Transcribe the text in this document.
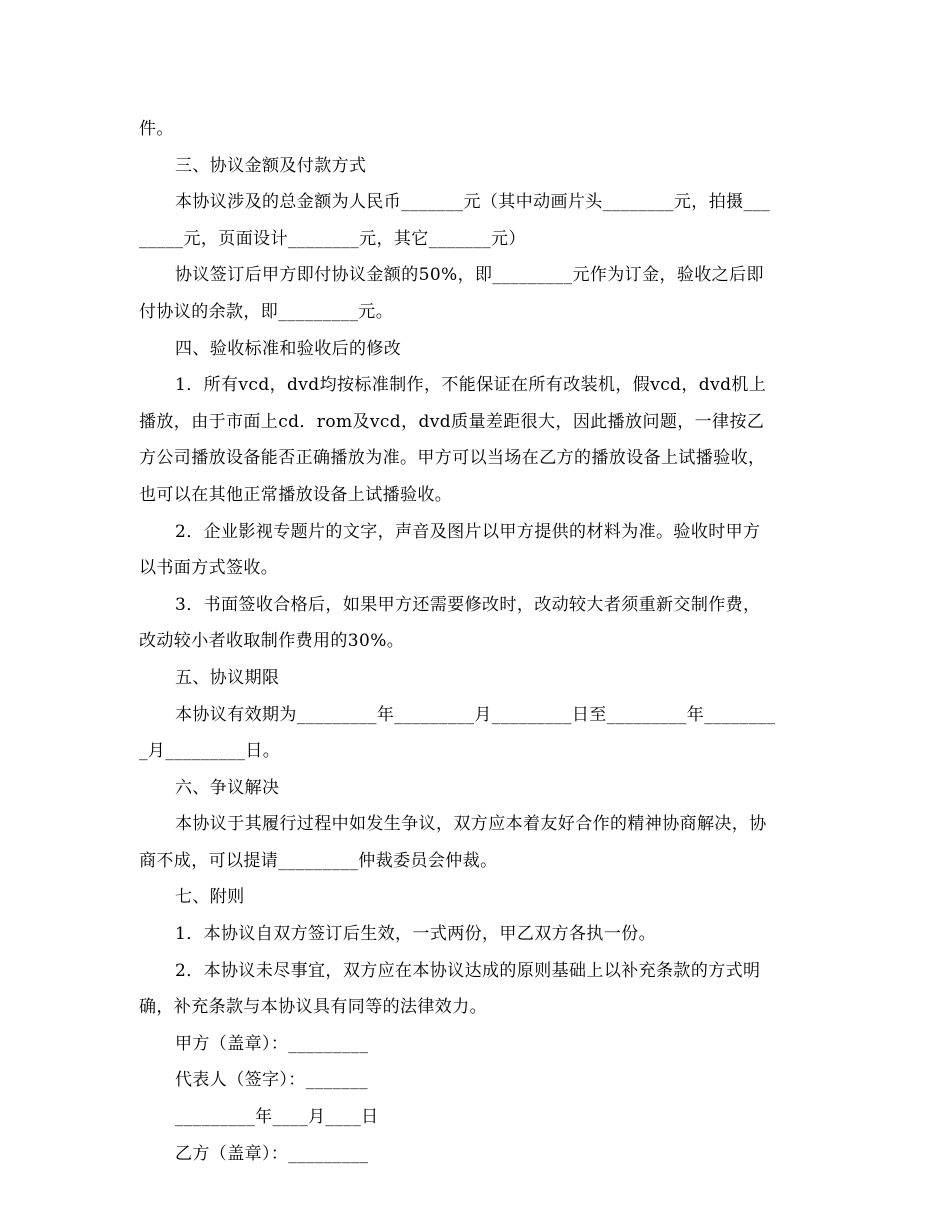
件。
三、协议金额及付款方式
本协议涉及的总金额为人民币_______元（其中动画片头________元，拍摄___
_____元，页面设计________元，其它_______元）
协议签订后甲方即付协议金额的50%，即_________元作为订金，验收之后即
付协议的余款，即_________元。
四、验收标准和验收后的修改
1．所有vcd，dvd均按标准制作，不能保证在所有改装机，假vcd，dvd机上
播放，由于市面上cd．rom及vcd，dvd质量差距很大，因此播放问题，一律按乙
方公司播放设备能否正确播放为准。甲方可以当场在乙方的播放设备上试播验收，
也可以在其他正常播放设备上试播验收。
2．企业影视专题片的文字，声音及图片以甲方提供的材料为准。验收时甲方
以书面方式签收。
3．书面签收合格后，如果甲方还需要修改时，改动较大者须重新交制作费，
改动较小者收取制作费用的30%。
五、协议期限
本协议有效期为_________年_________月_________日至_________年________
_月_________日。
六、争议解决
本协议于其履行过程中如发生争议，双方应本着友好合作的精神协商解决，协
商不成，可以提请_________仲裁委员会仲裁。
七、附则
1．本协议自双方签订后生效，一式两份，甲乙双方各执一份。
2．本协议未尽事宜，双方应在本协议达成的原则基础上以补充条款的方式明
确，补充条款与本协议具有同等的法律效力。
甲方（盖章）：_________
代表人（签字）：_______
_________年____月____日
乙方（盖章）：_________
